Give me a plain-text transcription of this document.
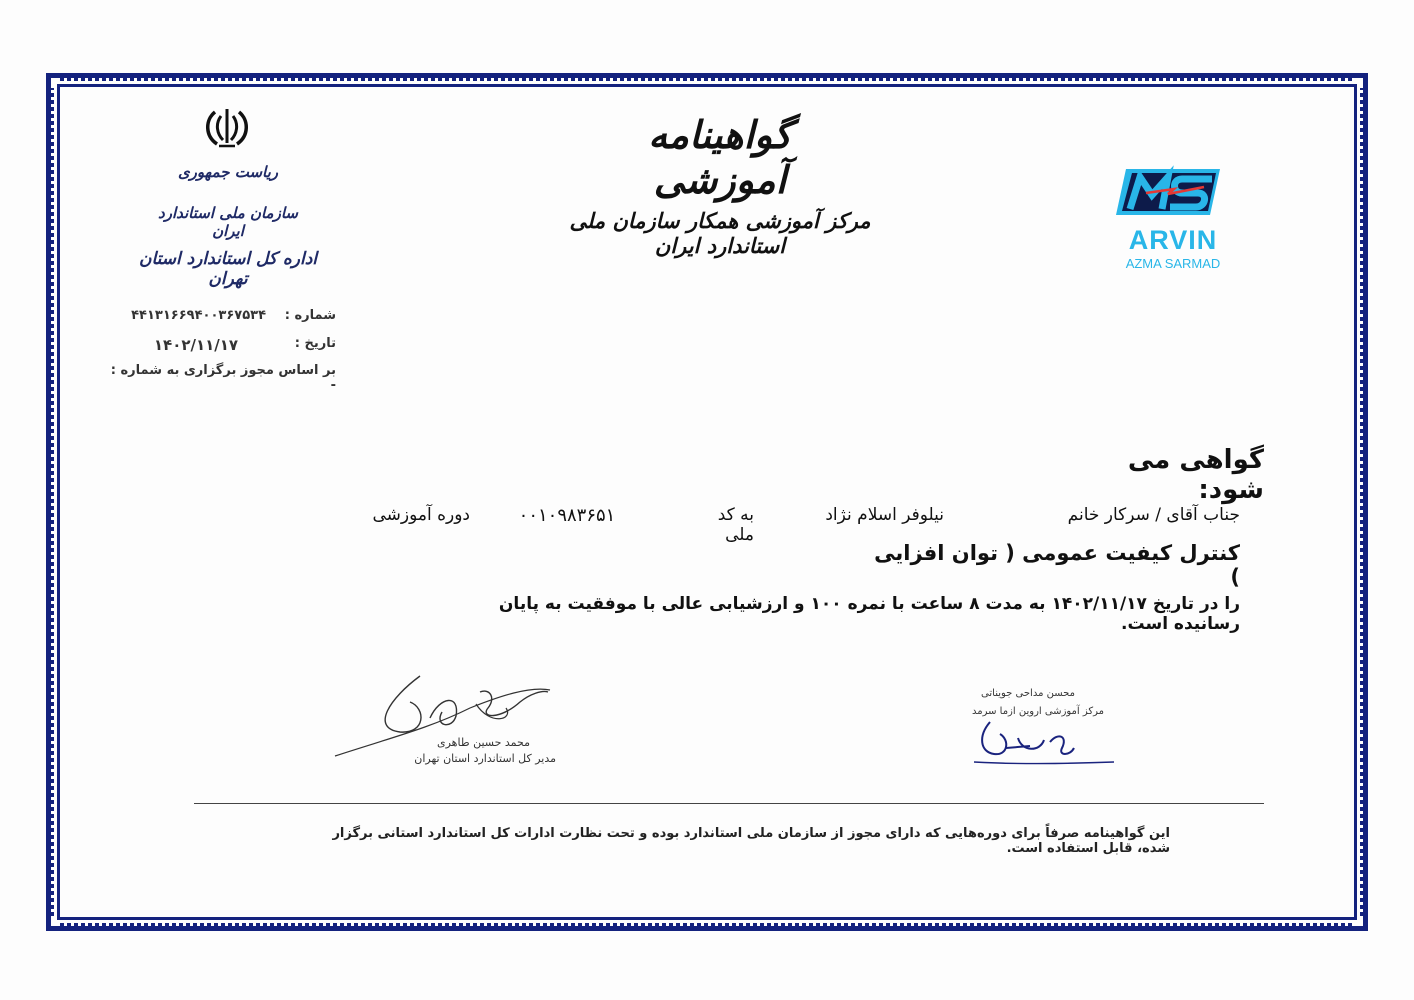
ریاست جمهوری
سازمان ملی استاندارد ایران
اداره کل استاندارد استان تهران
شماره :
۴۴۱۳۱۶۶۹۴۰۰۳۶۷۵۳۴
تاریخ :
۱۴۰۲/۱۱/۱۷
بر اساس مجوز برگزاری به شماره : -
گواهینامه آموزشی
مرکز آموزشی همکار سازمان ملی استاندارد ایران	ARVIN
AZMA SARMAD
گواهی می شود:
جناب آقای / سرکار خانم
نیلوفر اسلام نژاد
به کد ملی
۰۰۱۰۹۸۳۶۵۱
دوره آموزشی
کنترل کیفیت عمومی ( توان افزایی )
را در تاریخ ۱۴۰۲/۱۱/۱۷ به مدت ۸ ساعت با نمره ۱۰۰ و ارزشیابی عالی با موفقیت به پایان رسانیده است.
محمد حسین طاهری
مدیر کل استاندارد استان تهران
محسن مداحی جویناتی
مرکز آموزشی اروین ازما سرمد
این گواهینامه صرفاً برای دوره‌هایی که دارای مجوز از سازمان ملی استاندارد بوده و تحت نظارت ادارات کل استاندارد استانی برگزار شده، قابل استفاده است.
